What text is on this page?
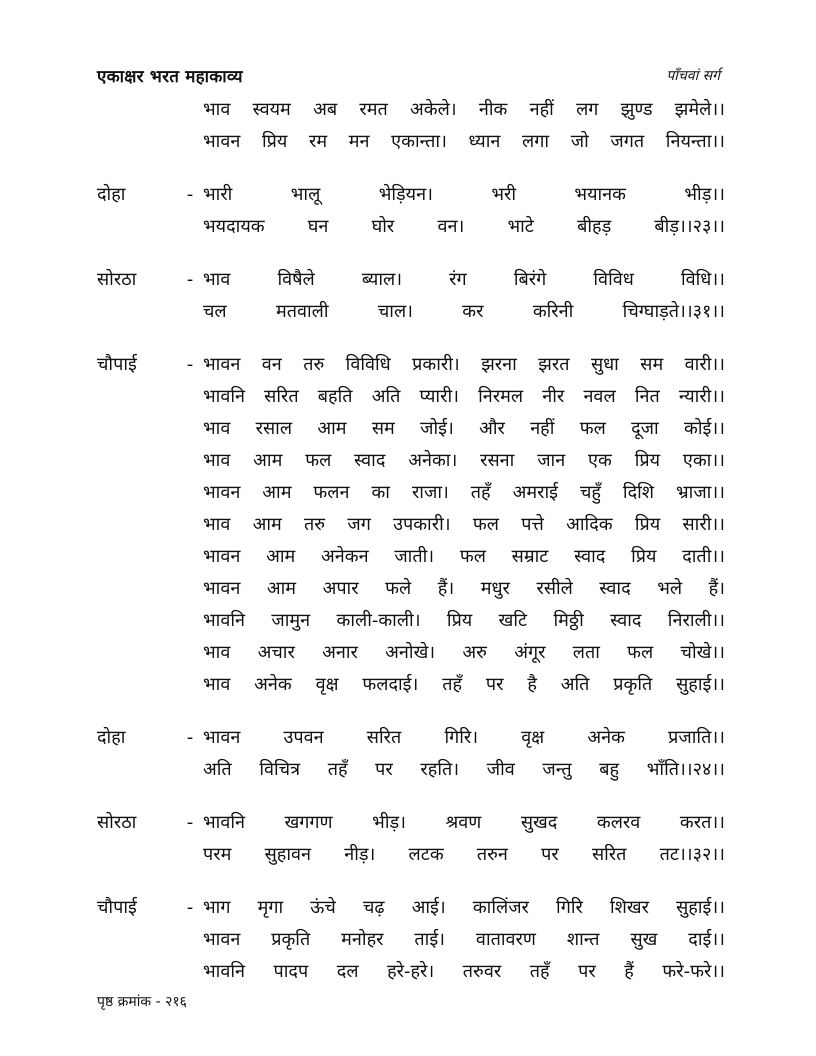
एकाक्षर भरत महाकाव्य	पाँचवां सर्ग
भाव स्वयम अब रमत अकेले। नीक नहीं लग झुण्ड झमेले।।
भावन प्रिय रम मन एकान्ता। ध्यान लगा जो जगत नियन्ता।।
दोहा	- भारी भालू भेड़ियन। भरी भयानक भीड़।।
भयदायक घन घोर वन। भाटे बीहड़ बीड़।।२३।।
सोरठा	- भाव विषैले ब्याल। रंग बिरंगे विविध विधि।।
चल मतवाली चाल। कर करिनी चिग्घाड़ते।।३१।।
चौपाई	- भावन वन तरु विविधि प्रकारी। झरना झरत सुधा सम वारी।।
भावनि सरित बहति अति प्यारी। निरमल नीर नवल नित न्यारी।।
भाव रसाल आम सम जोई। और नहीं फल दूजा कोई।।
भाव आम फल स्वाद अनेका। रसना जान एक प्रिय एका।।
भावन आम फलन का राजा। तहँ अमराई चहुँ दिशि भ्राजा।।
भाव आम तरु जग उपकारी। फल पत्ते आदिक प्रिय सारी।।
भावन आम अनेकन जाती। फल सम्राट स्वाद प्रिय दाती।।
भावन आम अपार फले हैं। मधुर रसीले स्वाद भले हैं।
भावनि जामुन काली-काली। प्रिय खटि मिठ्ठी स्वाद निराली।।
भाव अचार अनार अनोखे। अरु अंगूर लता फल चोखे।।
भाव अनेक वृक्ष फलदाई। तहँ पर है अति प्रकृति सुहाई।।
दोहा	- भावन उपवन सरित गिरि। वृक्ष अनेक प्रजाति।।
अति विचित्र तहँ पर रहति। जीव जन्तु बहु भाँति।।२४।।
सोरठा	- भावनि खगगण भीड़। श्रवण सुखद कलरव करत।।
परम सुहावन नीड़। लटक तरुन पर सरित तट।।३२।।
चौपाई	- भाग मृगा ऊंचे चढ़ आई। कालिंजर गिरि शिखर सुहाई।।
भावन प्रकृति मनोहर ताई। वातावरण शान्त सुख दाई।।
भावनि पादप दल हरे-हरे। तरुवर तहँ पर हैं फरे-फरे।।
पृष्ठ क्रमांक - २१६
